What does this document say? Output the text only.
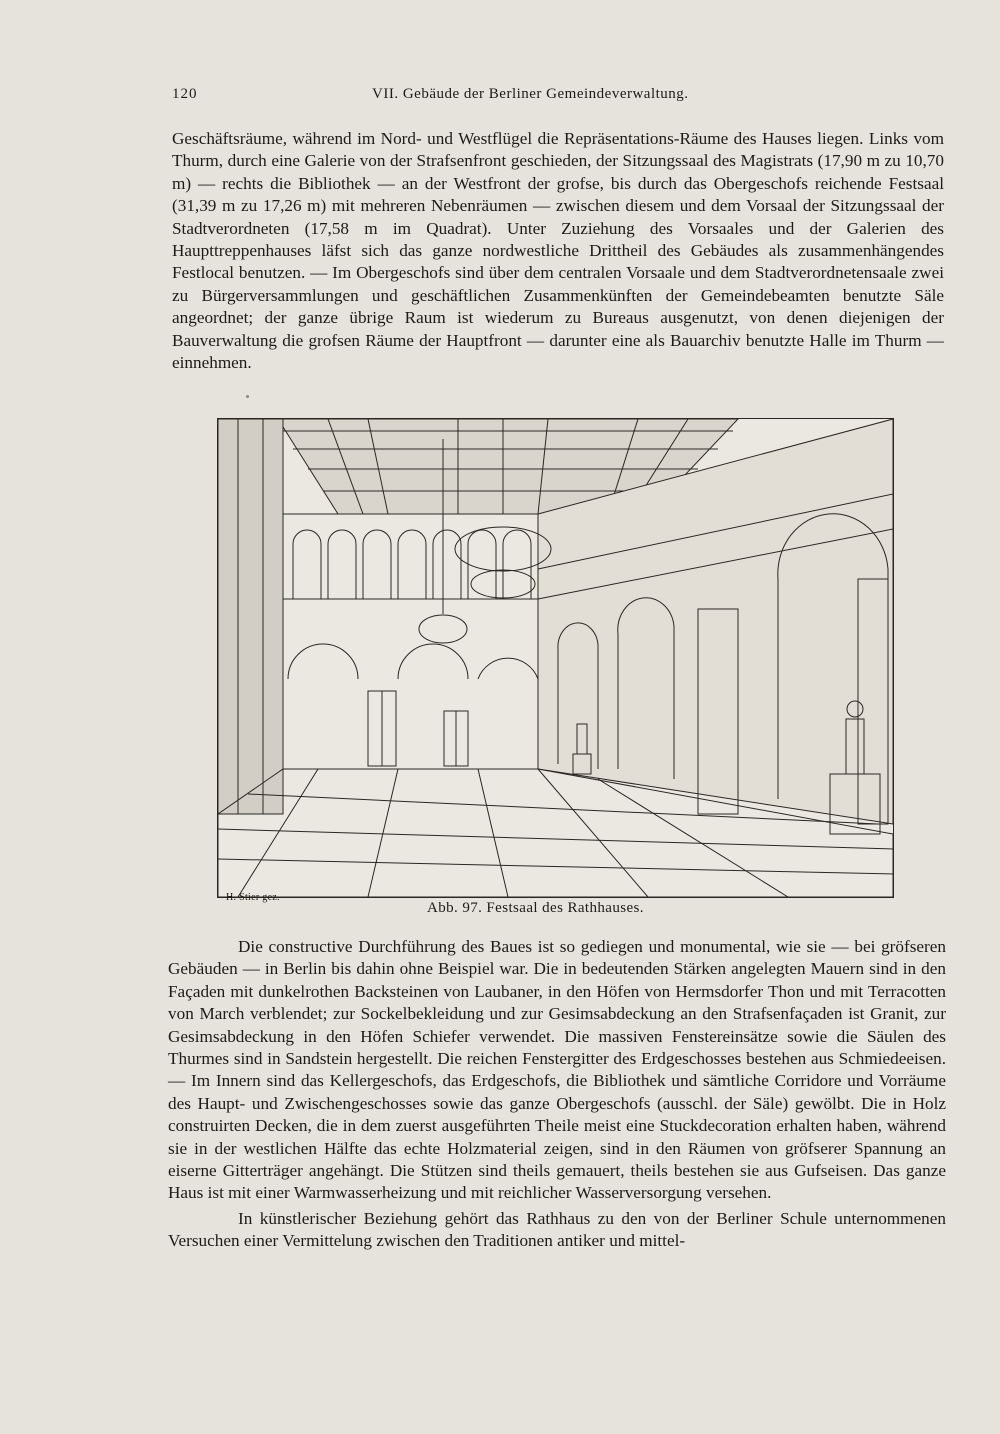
120	VII. Gebäude der Berliner Gemeindeverwaltung.

Geschäftsräume, während im Nord- und Westflügel die Repräsentations-Räume des Hauses liegen. Links vom Thurm, durch eine Galerie von der Strafsenfront geschieden, der Sitzungssaal des Magistrats (17,90 m zu 10,70 m) — rechts die Bibliothek — an der Westfront der grofse, bis durch das Obergeschofs reichende Festsaal (31,39 m zu 17,26 m) mit mehreren Nebenräumen — zwischen diesem und dem Vorsaal der Sitzungssaal der Stadtverordneten (17,58 m im Quadrat). Unter Zuziehung des Vorsaales und der Galerien des Haupttreppenhauses läfst sich das ganze nordwestliche Drittheil des Gebäudes als zusammenhängendes Festlocal benutzen. — Im Obergeschofs sind über dem centralen Vorsaale und dem Stadtverordnetensaale zwei zu Bürgerversammlungen und geschäftlichen Zusammenkünften der Gemeindebeamten benutzte Säle angeordnet; der ganze übrige Raum ist wiederum zu Bureaus ausgenutzt, von denen diejenigen der Bauverwaltung die grofsen Räume der Hauptfront — darunter eine als Bauarchiv benutzte Halle im Thurm — einnehmen.

H. Stier gez.
Abb. 97. Festsaal des Rathhauses.

Die constructive Durchführung des Baues ist so gediegen und monumental, wie sie — bei gröfseren Gebäuden — in Berlin bis dahin ohne Beispiel war. Die in bedeutenden Stärken angelegten Mauern sind in den Façaden mit dunkelrothen Backsteinen von Laubaner, in den Höfen von Hermsdorfer Thon und mit Terracotten von March verblendet; zur Sockelbekleidung und zur Gesimsabdeckung an den Strafsenfaçaden ist Granit, zur Gesimsabdeckung in den Höfen Schiefer verwendet. Die massiven Fenstereinsätze sowie die Säulen des Thurmes sind in Sandstein hergestellt. Die reichen Fenstergitter des Erdgeschosses bestehen aus Schmiedeeisen. — Im Innern sind das Kellergeschofs, das Erdgeschofs, die Bibliothek und sämtliche Corridore und Vorräume des Haupt- und Zwischengeschosses sowie das ganze Obergeschofs (ausschl. der Säle) gewölbt. Die in Holz construirten Decken, die in dem zuerst ausgeführten Theile meist eine Stuckdecoration erhalten haben, während sie in der westlichen Hälfte das echte Holzmaterial zeigen, sind in den Räumen von gröfserer Spannung an eiserne Gitterträger angehängt. Die Stützen sind theils gemauert, theils bestehen sie aus Gufseisen. Das ganze Haus ist mit einer Warmwasserheizung und mit reichlicher Wasserversorgung versehen.

In künstlerischer Beziehung gehört das Rathhaus zu den von der Berliner Schule unternommenen Versuchen einer Vermittelung zwischen den Traditionen antiker und mittel-
